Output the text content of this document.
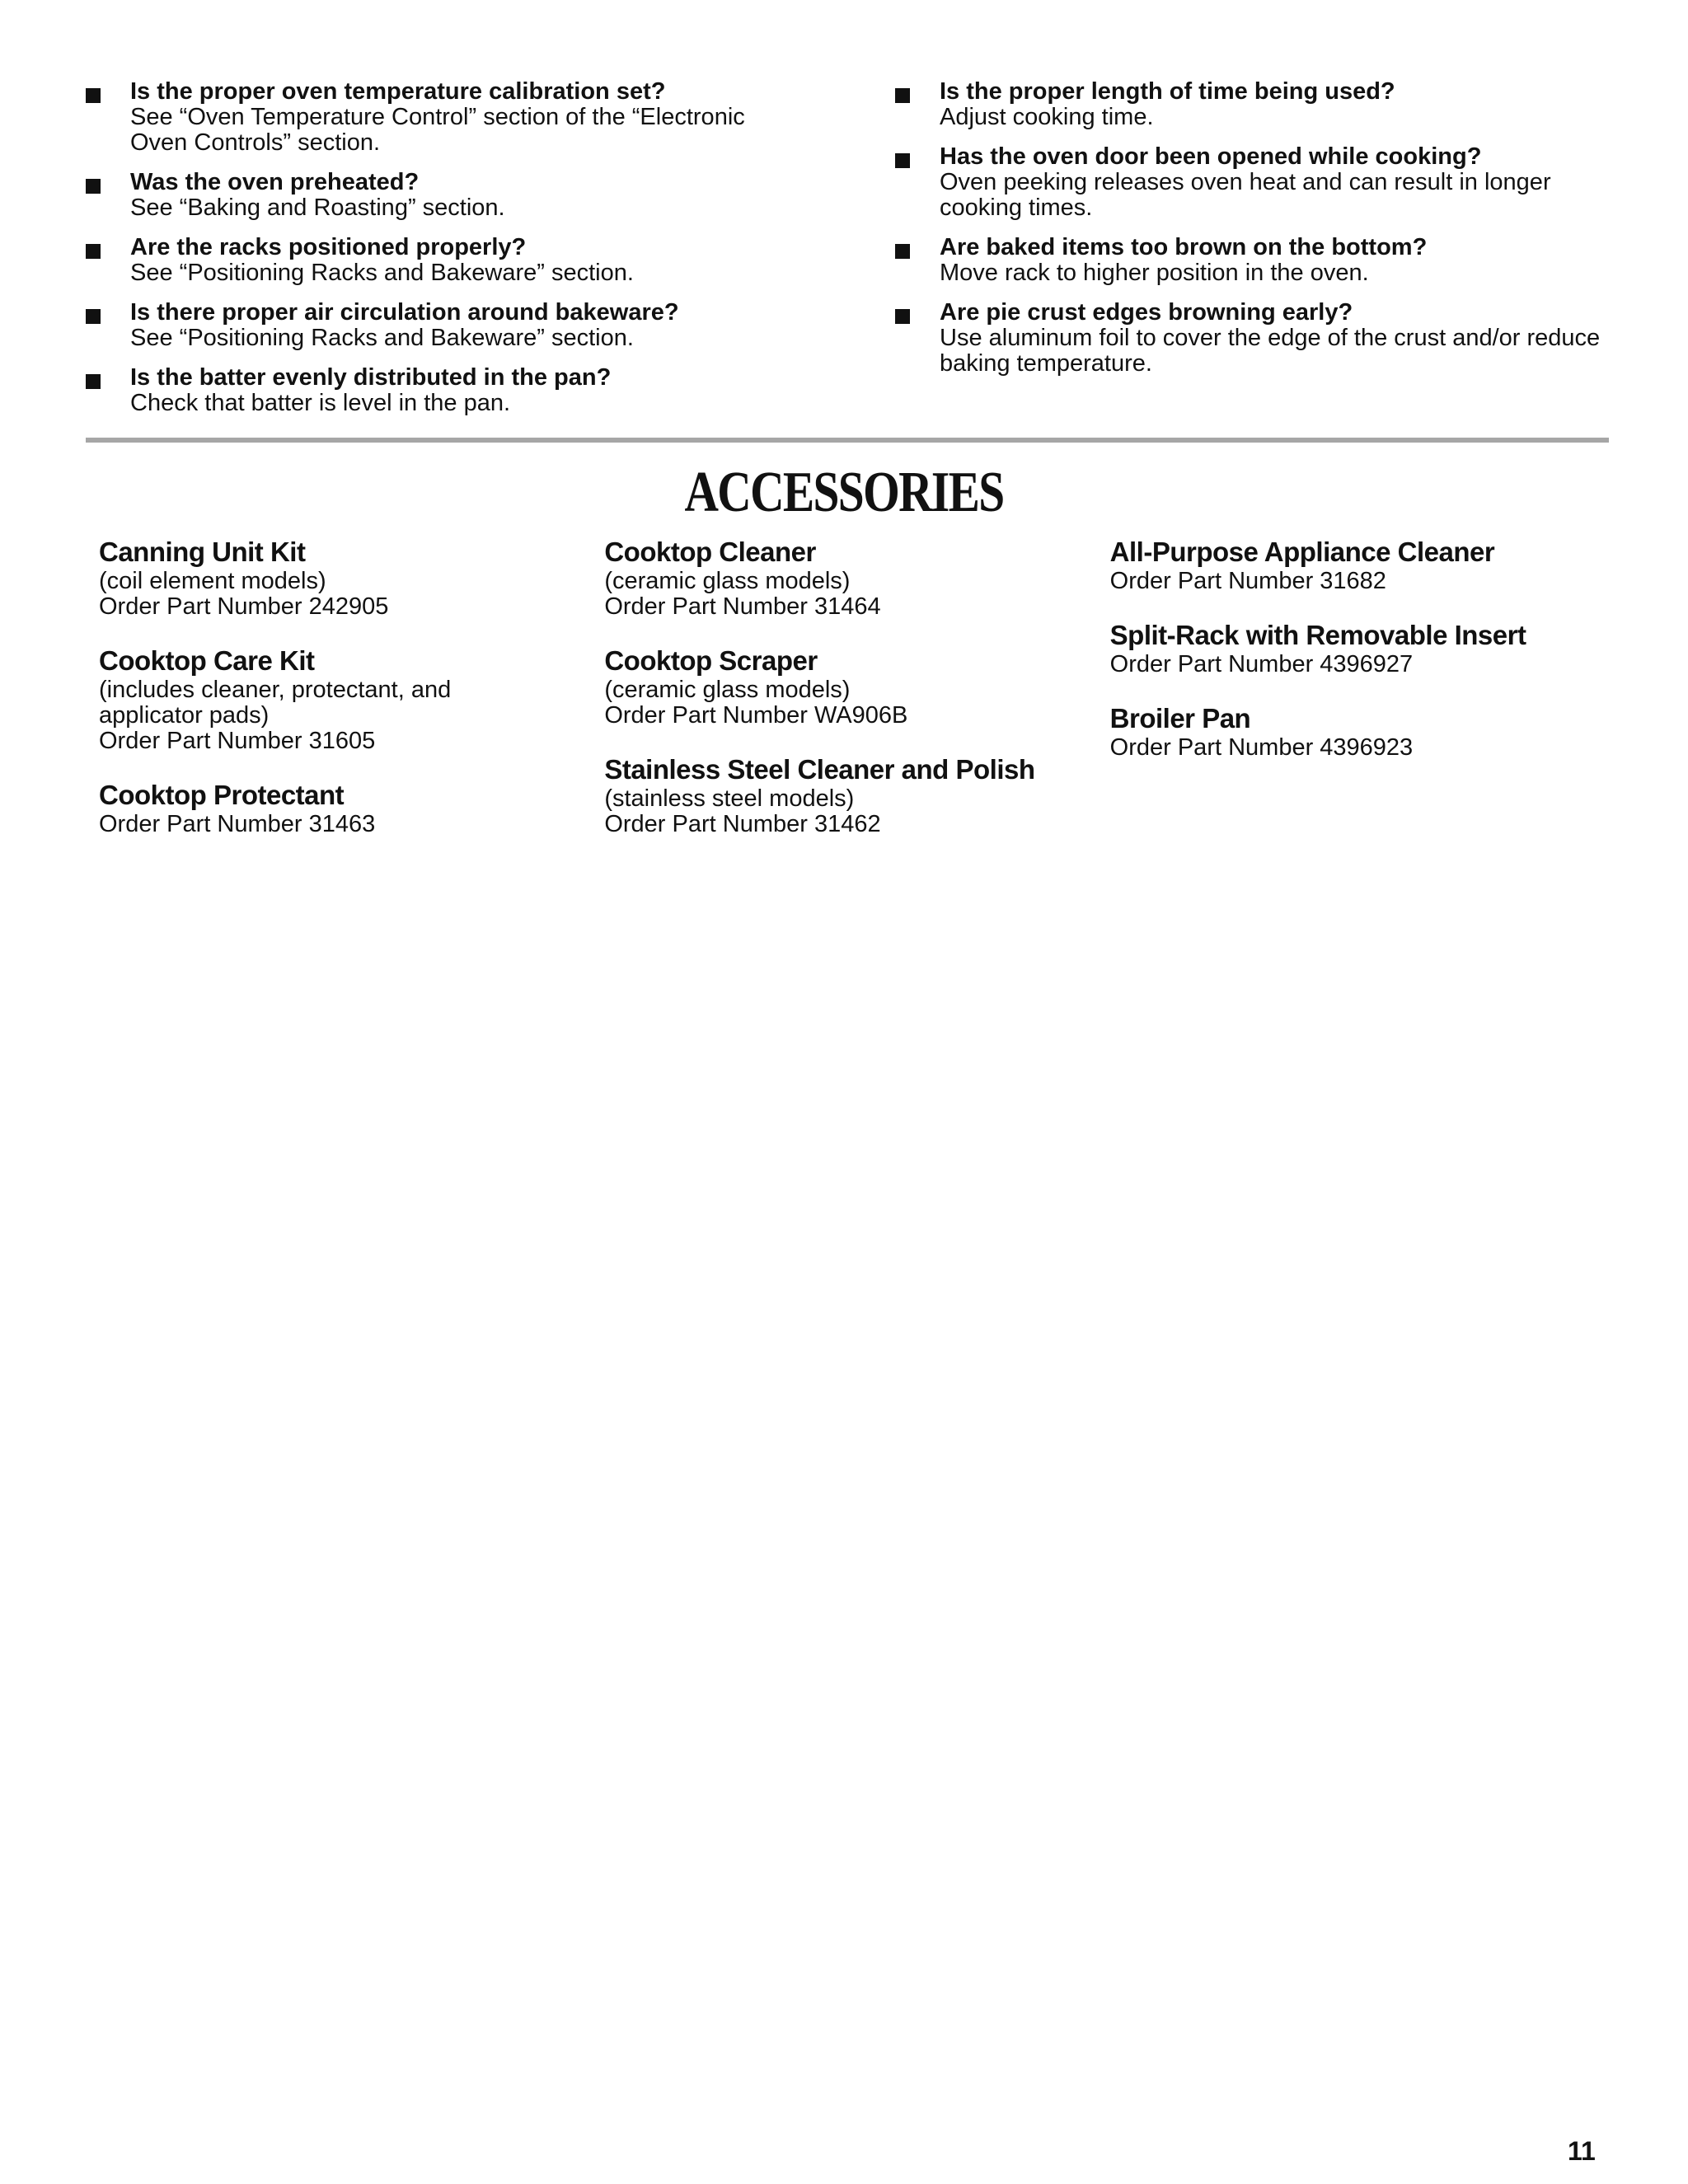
Is the proper oven temperature calibration set?
See “Oven Temperature Control” section of the “Electronic
Oven Controls” section.
Was the oven preheated?
See “Baking and Roasting” section.
Are the racks positioned properly?
See “Positioning Racks and Bakeware” section.
Is there proper air circulation around bakeware?
See “Positioning Racks and Bakeware” section.
Is the batter evenly distributed in the pan?
Check that batter is level in the pan.
Is the proper length of time being used?
Adjust cooking time.
Has the oven door been opened while cooking?
Oven peeking releases oven heat and can result in longer
cooking times.
Are baked items too brown on the bottom?
Move rack to higher position in the oven.
Are pie crust edges browning early?
Use aluminum foil to cover the edge of the crust and/or reduce
baking temperature.
ACCESSORIES
Canning Unit Kit
(coil element models)
Order Part Number 242905
Cooktop Care Kit
(includes cleaner, protectant, and
applicator pads)
Order Part Number 31605
Cooktop Protectant
Order Part Number 31463
Cooktop Cleaner
(ceramic glass models)
Order Part Number 31464
Cooktop Scraper
(ceramic glass models)
Order Part Number WA906B
Stainless Steel Cleaner and Polish
(stainless steel models)
Order Part Number 31462
All-Purpose Appliance Cleaner
Order Part Number 31682
Split-Rack with Removable Insert
Order Part Number 4396927
Broiler Pan
Order Part Number 4396923
11
